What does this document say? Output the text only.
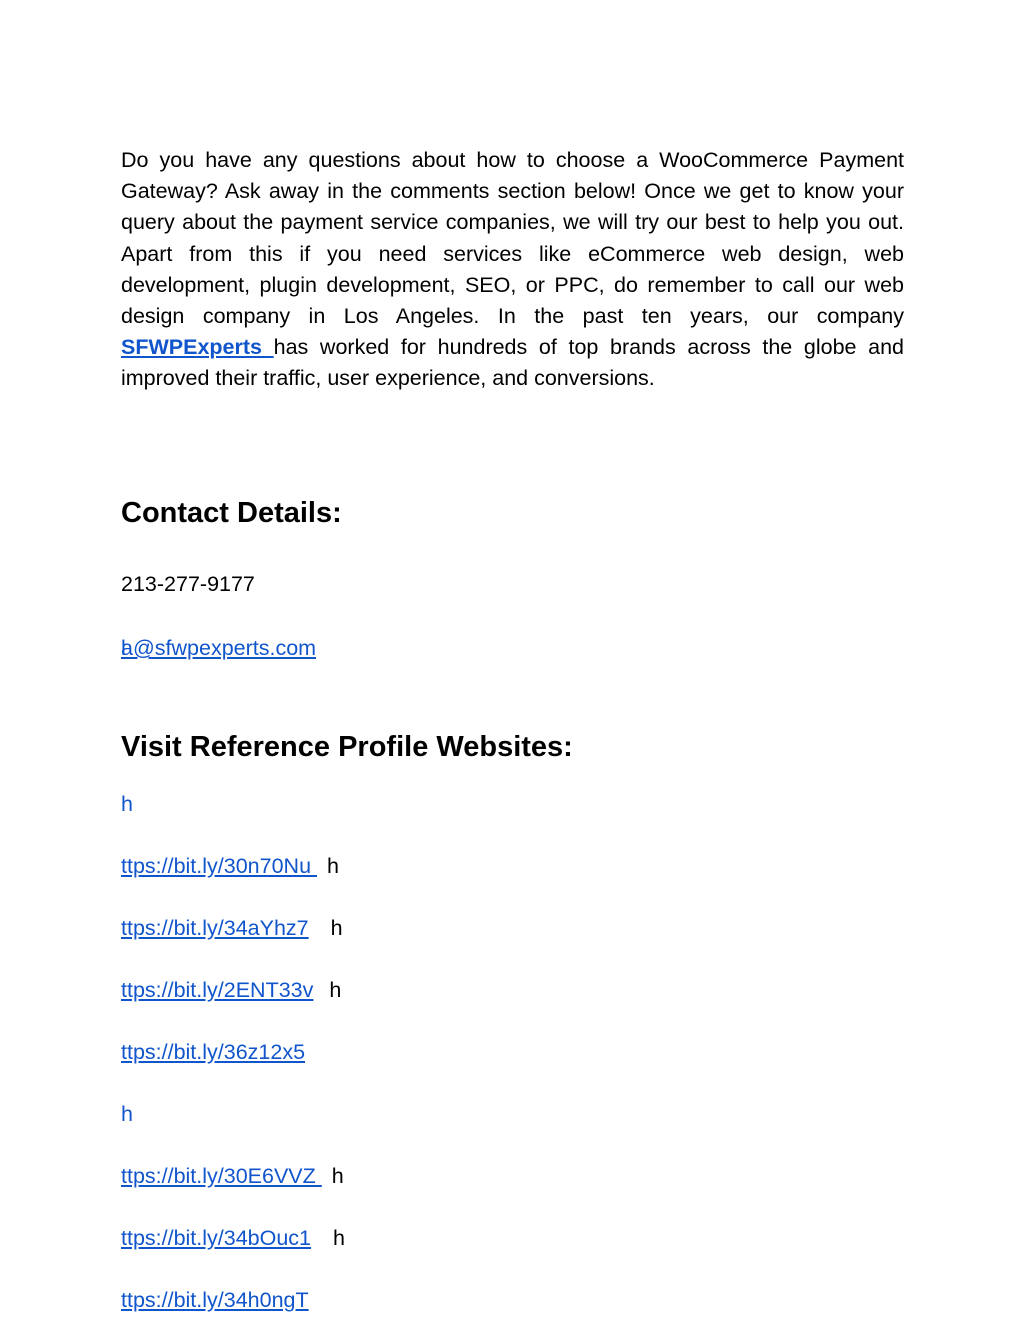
Do you have any questions about how to choose a WooCommerce Payment Gateway? Ask away in the comments section below! Once we get to know your query about the payment service companies, we will try our best to help you out. Apart from this if you need services like eCommerce web design, web development, plugin development, SEO, or PPC, do remember to call our web design company in Los Angeles. In the past ten years, our company SFWPExperts has worked for hundreds of top brands across the globe and improved their traffic, user experience, and conversions.

Contact Details:
213-277-9177
a@sfwpexperts.com
Visit Reference Profile Websites:
h
ttps://bit.ly/30n70Nu h
ttps://bit.ly/34aYhz7 h
ttps://bit.ly/2ENT33v h
ttps://bit.ly/36z12x5
h
ttps://bit.ly/30E6VVZ h
ttps://bit.ly/34bOuc1 h
ttps://bit.ly/34h0ngT
